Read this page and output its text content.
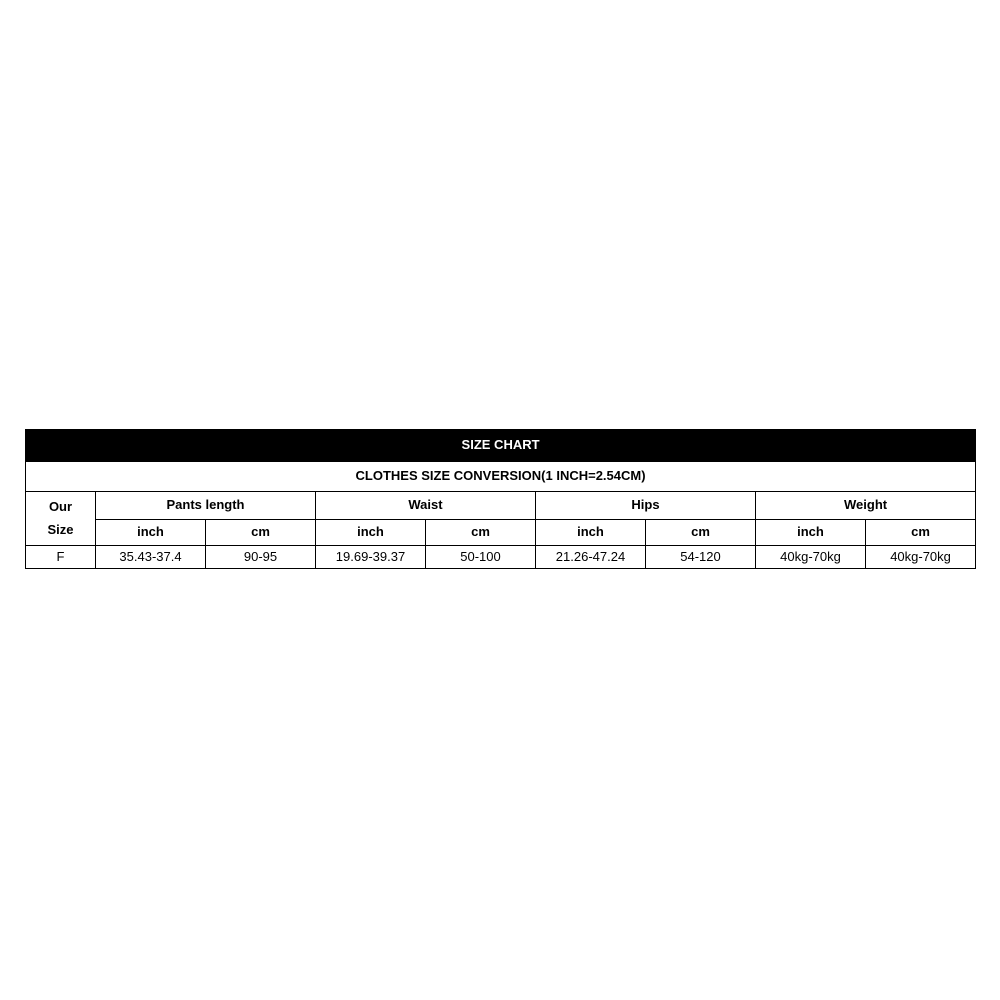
SIZE CHART								
CLOTHES SIZE CONVERSION(1 INCH=2.54CM)								

Our
Size	Pants length		Waist		Hips		Weight	
	inch	cm	inch	cm	inch	cm	inch	cm
F	35.43-37.4	90-95	19.69-39.37	50-100	21.26-47.24	54-120	40kg-70kg	40kg-70kg
